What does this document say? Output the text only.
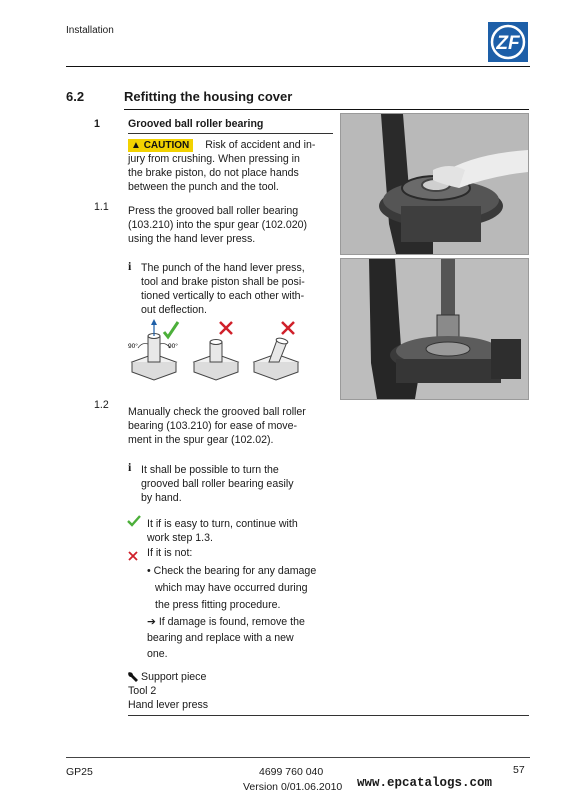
Installation
ZF
6.2	Refitting the housing cover
1	Grooved ball roller bearing
▲ CAUTION Risk of accident and in-
jury from crushing. When pressing in
the brake piston, do not place hands
between the punch and the tool.
1.1 Press the grooved ball roller bearing
(103.210) into the spur gear (102.020)
using the hand lever press.
i The punch of the hand lever press,
tool and brake piston shall be posi-
tioned vertically to each other with-
out deflection.
90°	90°
1.2
Manually check the grooved ball roller
bearing (103.210) for ease of move-
ment in the spur gear (102.02).
i It shall be possible to turn the
grooved ball roller bearing easily
by hand.
It if is easy to turn, continue with
work step 1.3.
If it is not:
• Check the bearing for any damage
which may have occurred during
the press fitting procedure.
➔ If damage is found, remove the
bearing and replace with a new
one.
Support piece
Tool 2
Hand lever press
GP25	4699 760 040
Version 0/01.06.2010 www.epcatalogs.com
57
